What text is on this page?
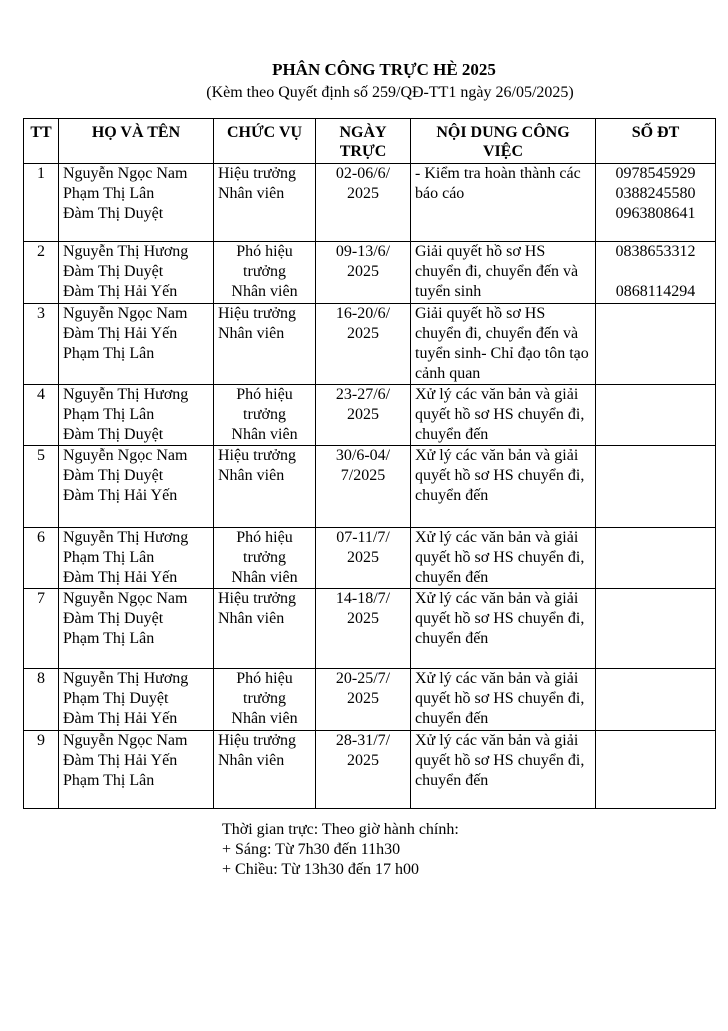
PHÂN CÔNG TRỰC HÈ 2025
(Kèm theo Quyết định số 259/QĐ-TT1 ngày 26/05/2025)
TT	HỌ VÀ TÊN	CHỨC VỤ	NGÀY TRỰC	NỘI DUNG CÔNG VIỆC	SỐ ĐT
1	Nguyễn Ngọc Nam
Phạm Thị Lân
Đàm Thị Duyệt	Hiệu trưởng
Nhân viên	02-06/6/2025	- Kiểm tra hoàn thành các báo cáo	0978545929
0388245580
0963808641

2	Nguyễn Thị Hương
Đàm Thị Duyệt
Đàm Thị Hải Yến	Phó hiệu trưởng
Nhân viên	09-13/6/2025	Giải quyết hồ sơ HS chuyển đi, chuyển đến và tuyển sinh	0838653312

0868114294

3	Nguyễn Ngọc Nam
Đàm Thị Hải Yến
Phạm Thị Lân	Hiệu trưởng
Nhân viên	16-20/6/2025	Giải quyết hồ sơ HS chuyển đi, chuyển đến và tuyển sinh- Chỉ đạo tôn tạo cảnh quan	
4	Nguyễn Thị Hương
Phạm Thị Lân
Đàm Thị Duyệt	Phó hiệu trưởng
Nhân viên	23-27/6/2025	Xử lý các văn bản và giải quyết hồ sơ HS chuyển đi, chuyển đến	
5	Nguyễn Ngọc Nam
Đàm Thị Duyệt
Đàm Thị Hải Yến	Hiệu trưởng
Nhân viên	30/6-04/7/2025	Xử lý các văn bản và giải quyết hồ sơ HS chuyển đi, chuyển đến	
6	Nguyễn Thị Hương
Phạm Thị Lân
Đàm Thị Hải Yến	Phó hiệu trưởng
Nhân viên	07-11/7/2025	Xử lý các văn bản và giải quyết hồ sơ HS chuyển đi, chuyển đến	
7	Nguyễn Ngọc Nam
Đàm Thị Duyệt
Phạm Thị Lân	Hiệu trưởng
Nhân viên	14-18/7/2025	Xử lý các văn bản và giải quyết hồ sơ HS chuyển đi, chuyển đến	
8	Nguyễn Thị Hương
Phạm Thị Duyệt
Đàm Thị Hải Yến	Phó hiệu trưởng
Nhân viên	20-25/7/2025	Xử lý các văn bản và giải quyết hồ sơ HS chuyển đi, chuyển đến	
9	Nguyễn Ngọc Nam
Đàm Thị Hải Yến
Phạm Thị Lân	Hiệu trưởng
Nhân viên	28-31/7/2025	Xử lý các văn bản và giải quyết hồ sơ HS chuyển đi, chuyển đến	
Thời gian trực: Theo giờ hành chính:
+ Sáng: Từ 7h30 đến 11h30
+ Chiều: Từ 13h30 đến 17 h00
